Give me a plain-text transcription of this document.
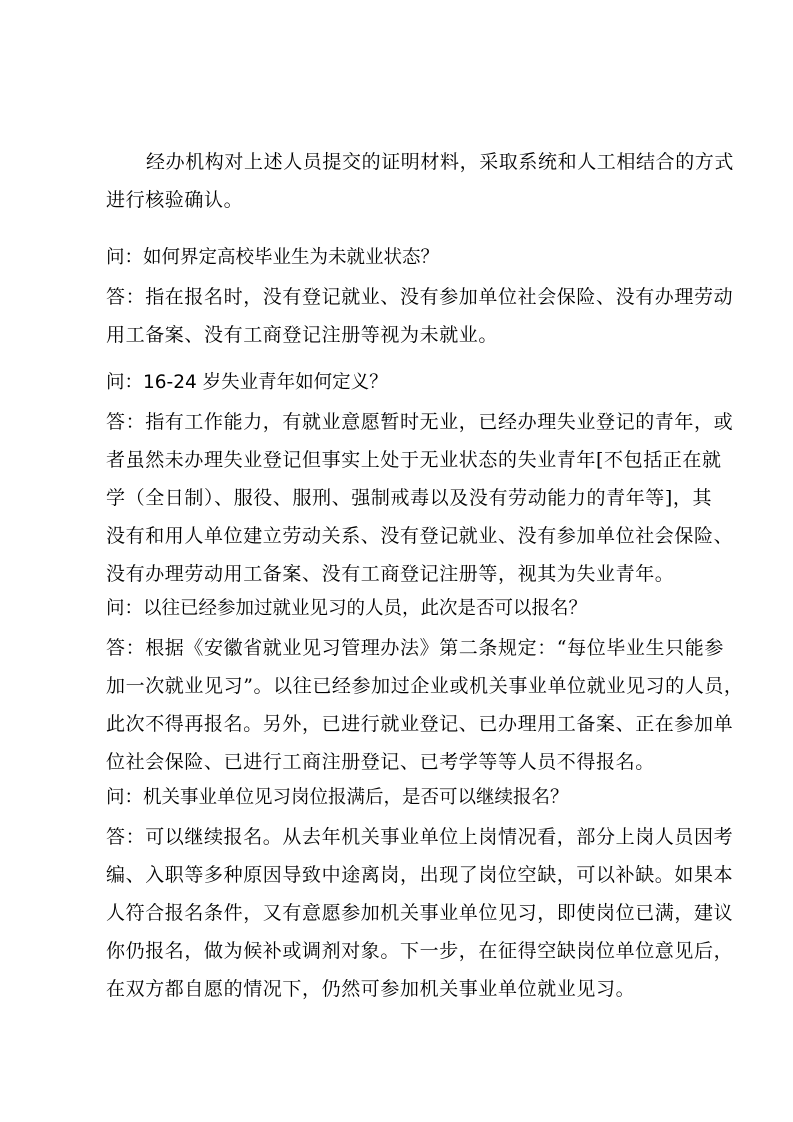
经办机构对上述人员提交的证明材料，采取系统和人工相结合的方式
进行核验确认。
问：如何界定高校毕业生为未就业状态？
答：指在报名时，没有登记就业、没有参加单位社会保险、没有办理劳动
用工备案、没有工商登记注册等视为未就业。
问：16-24 岁失业青年如何定义？
答：指有工作能力，有就业意愿暂时无业，已经办理失业登记的青年，或
者虽然未办理失业登记但事实上处于无业状态的失业青年[不包括正在就
学（全日制）、服役、服刑、强制戒毒以及没有劳动能力的青年等]，其
没有和用人单位建立劳动关系、没有登记就业、没有参加单位社会保险、
没有办理劳动用工备案、没有工商登记注册等，视其为失业青年。
问：以往已经参加过就业见习的人员，此次是否可以报名？
答：根据《安徽省就业见习管理办法》第二条规定：“每位毕业生只能参
加一次就业见习”。以往已经参加过企业或机关事业单位就业见习的人员，
此次不得再报名。另外，已进行就业登记、已办理用工备案、正在参加单
位社会保险、已进行工商注册登记、已考学等等人员不得报名。
问：机关事业单位见习岗位报满后，是否可以继续报名？
答：可以继续报名。从去年机关事业单位上岗情况看，部分上岗人员因考
编、入职等多种原因导致中途离岗，出现了岗位空缺，可以补缺。如果本
人符合报名条件，又有意愿参加机关事业单位见习，即使岗位已满，建议
你仍报名，做为候补或调剂对象。下一步，在征得空缺岗位单位意见后，
在双方都自愿的情况下，仍然可参加机关事业单位就业见习。
